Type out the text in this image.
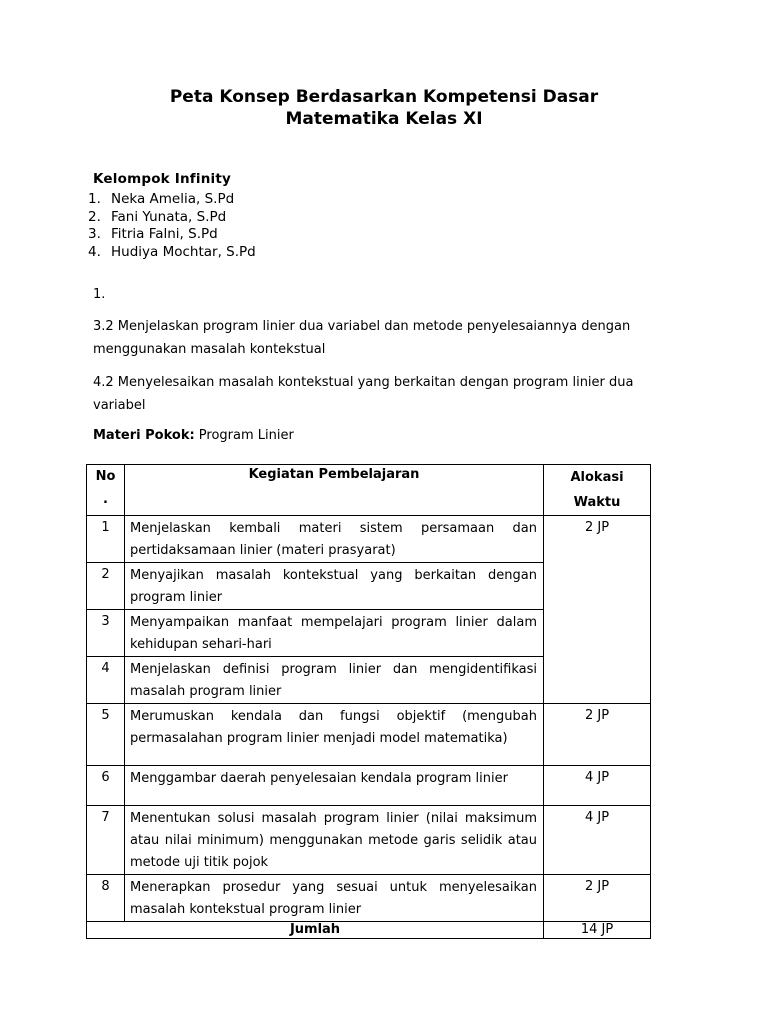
Peta Konsep Berdasarkan Kompetensi Dasar
Matematika Kelas XI
Kelompok Infinity
1. Neka Amelia, S.Pd
2. Fani Yunata, S.Pd
3. Fitria Falni, S.Pd
4. Hudiya Mochtar, S.Pd
1.
3.2 Menjelaskan program linier dua variabel dan metode penyelesaiannya dengan menggunakan masalah kontekstual
4.2 Menyelesaikan masalah kontekstual yang berkaitan dengan program linier dua variabel
Materi Pokok: Program Linier
No .	Kegiatan Pembelajaran	Alokasi Waktu

1	Menjelaskan kembali materi sistem persamaan dan pertidaksamaan linier (materi prasyarat)	2 JP

2	Menyajikan masalah kontekstual yang berkaitan dengan program linier	

3	Menyampaikan manfaat mempelajari program linier dalam kehidupan sehari-hari	

4	Menjelaskan definisi program linier dan mengidentifikasi masalah program linier	

5	Merumuskan kendala dan fungsi objektif (mengubah permasalahan program linier menjadi model matematika)	2 JP

6	Menggambar daerah penyelesaian kendala program linier	4 JP

7	Menentukan solusi masalah program linier (nilai maksimum atau nilai minimum) menggunakan metode garis selidik atau metode uji titik pojok	4 JP

8	Menerapkan prosedur yang sesuai untuk menyelesaikan masalah kontekstual program linier	2 JP

Jumlah		14 JP
